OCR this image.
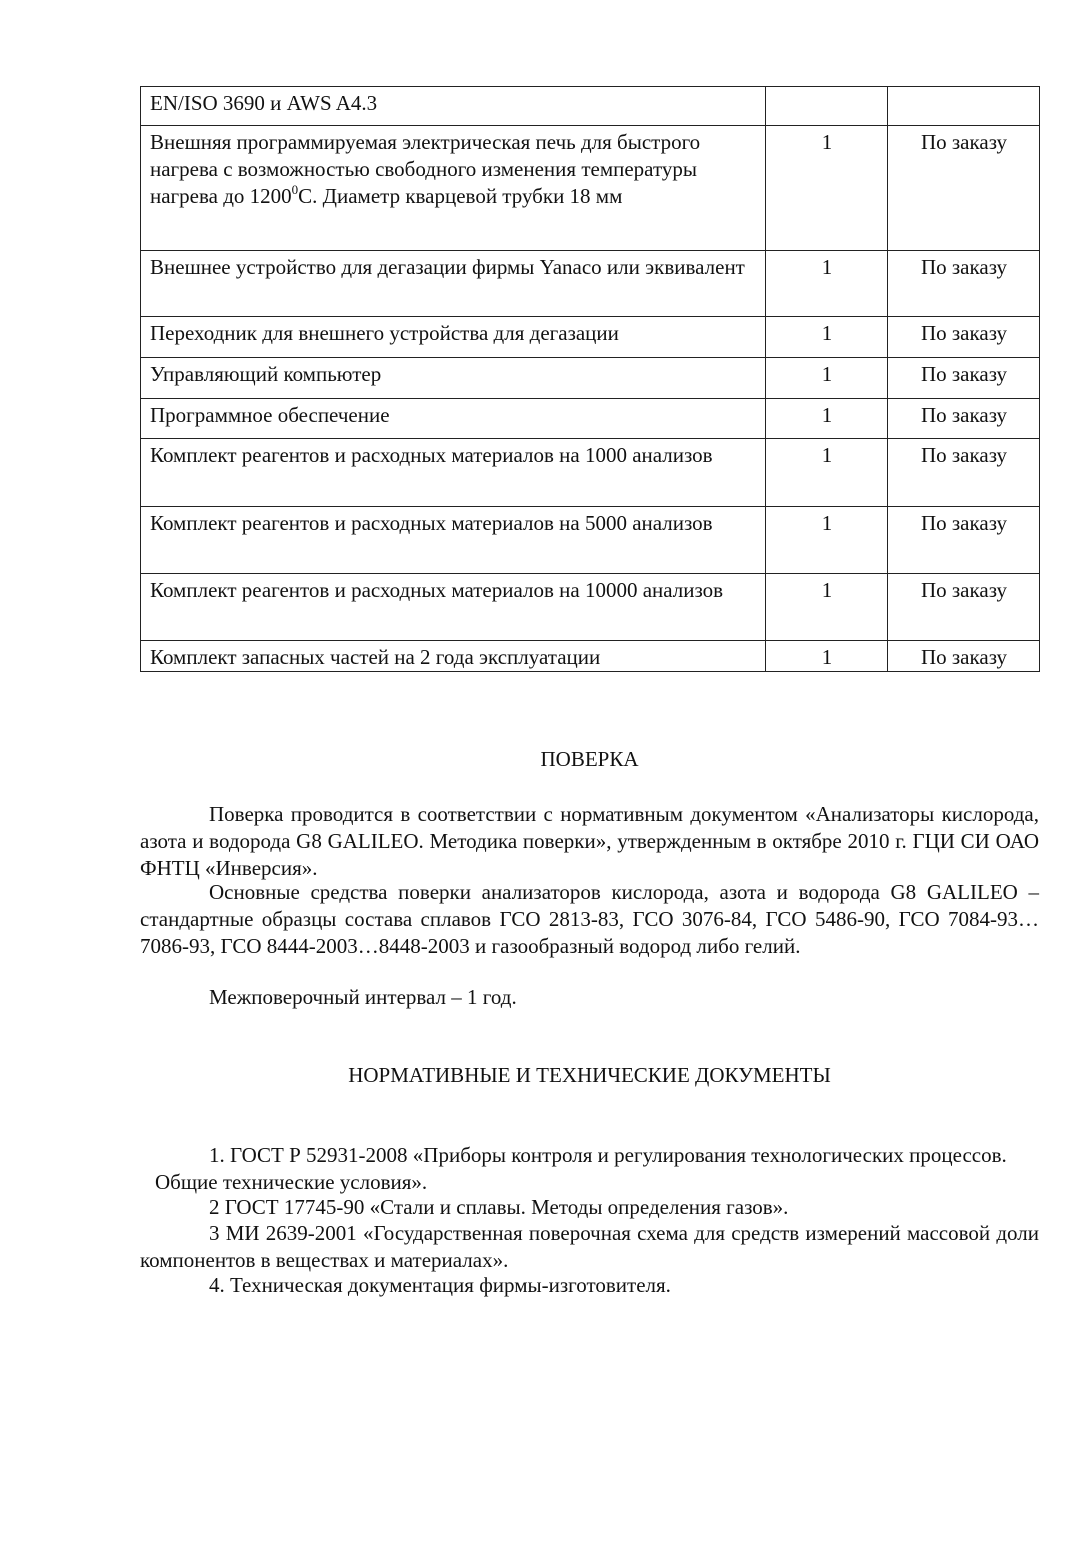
EN/ISO 3690 и AWS A4.3		
Внешняя программируемая электрическая печь для быстрого нагрева с возможностью свободного изменения температуры нагрева до 1200$^0$С. Диаметр кварцевой трубки 18 мм	1	По заказу
Внешнее устройство для дегазации фирмы Yanaco или эквивалент	1	По заказу
Переходник для внешнего устройства для дегазации	1	По заказу
Управляющий компьютер	1	По заказу
Программное обеспечение	1	По заказу
Комплект реагентов и расходных материалов на 1000 анализов	1	По заказу
Комплект реагентов и расходных материалов на 5000 анализов	1	По заказу
Комплект реагентов и расходных материалов на 10000 анализов	1	По заказу
Комплект запасных частей на 2 года эксплуатации	1	По заказу
ПОВЕРКА

Поверка проводится в соответствии с нормативным документом «Анализаторы кислорода, азота и водорода G8 GALILEO. Методика поверки», утвержденным в октябре 2010 г. ГЦИ СИ ОАО ФНТЦ «Инверсия».

Основные средства поверки анализаторов кислорода, азота и водорода G8 GALILEO – стандартные образцы состава сплавов ГСО 2813-83, ГСО 3076-84, ГСО 5486-90, ГСО 7084-93…7086-93, ГСО 8444-2003…8448-2003 и газообразный водород либо гелий.

Межповерочный интервал – 1 год.

НОРМАТИВНЫЕ И ТЕХНИЧЕСКИЕ ДОКУМЕНТЫ

1. ГОСТ Р 52931-2008 «Приборы контроля и регулирования технологических процессов. Общие технические условия».

2 ГОСТ 17745-90 «Стали и сплавы. Методы определения газов».

3 МИ 2639-2001 «Государственная поверочная схема для средств измерений массовой доли компонентов в веществах и материалах».

4. Техническая документация фирмы-изготовителя.
